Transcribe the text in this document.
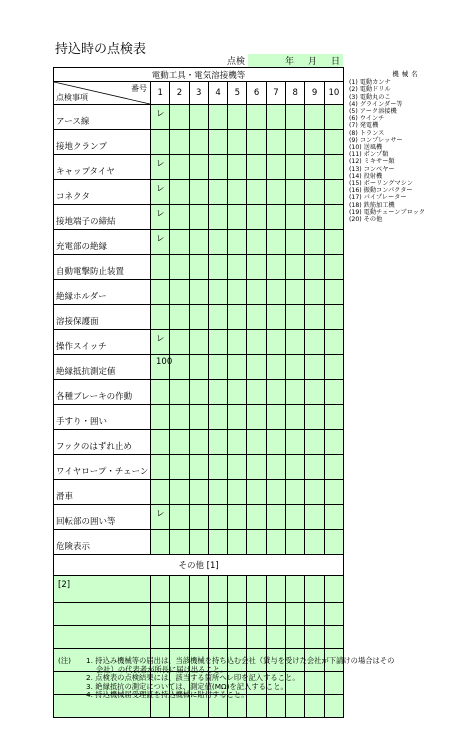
持込時の点検表
点検	年 月 日
電動工具・電気溶接機等										

番号
点検事項	1	2	3	4	5	6	7	8	9	10
アース線	レ									
接地クランプ										
キャップタイヤ	レ									
コネクタ	レ									
接地端子の締結	レ									
充電部の絶縁	レ									
自動電撃防止装置										
絶縁ホルダー										
溶接保護面										
操作スイッチ	レ									
絶縁抵抗測定値	100									
各種ブレーキの作動										
手すり・囲い										
フックのはずれ止め										
ワイヤロープ・チェーン										
滑車										
回転部の囲い等	レ									
危険表示										
その他 [1]										
[2]										

機械名
(1) 電動カンナ
(2) 電動ドリル
(3) 電動丸のこ
(4) グラインダー等
(5) アーク溶接機
(6) ウインチ
(7) 発電機
(8) トランス
(9) コンプレッサー
(10) 送風機
(11) ポンプ類
(12) ミキサー類
(13) コンベヤー
(14) 投射機
(15) ボーリングマシン
(16) 振動コンパクター
(17) パイプレーター
(18) 鉄筋加工機
(19) 電動チェーンブロック
(20) その他
(注)	1. 持込み機械等の届出は、当該機械を持ち込む会社（貸与を受けた会社が下請けの場合はその
会社）の代表者が所長に届け出ること。
2. 点検表の点検結果には、該当する箇所へレ印を記入すること。
3. 絶縁抵抗の測定については、測定値(MΩ)を記入すること。
4. 持込機械届受理証を持込機械に貼付すること。
